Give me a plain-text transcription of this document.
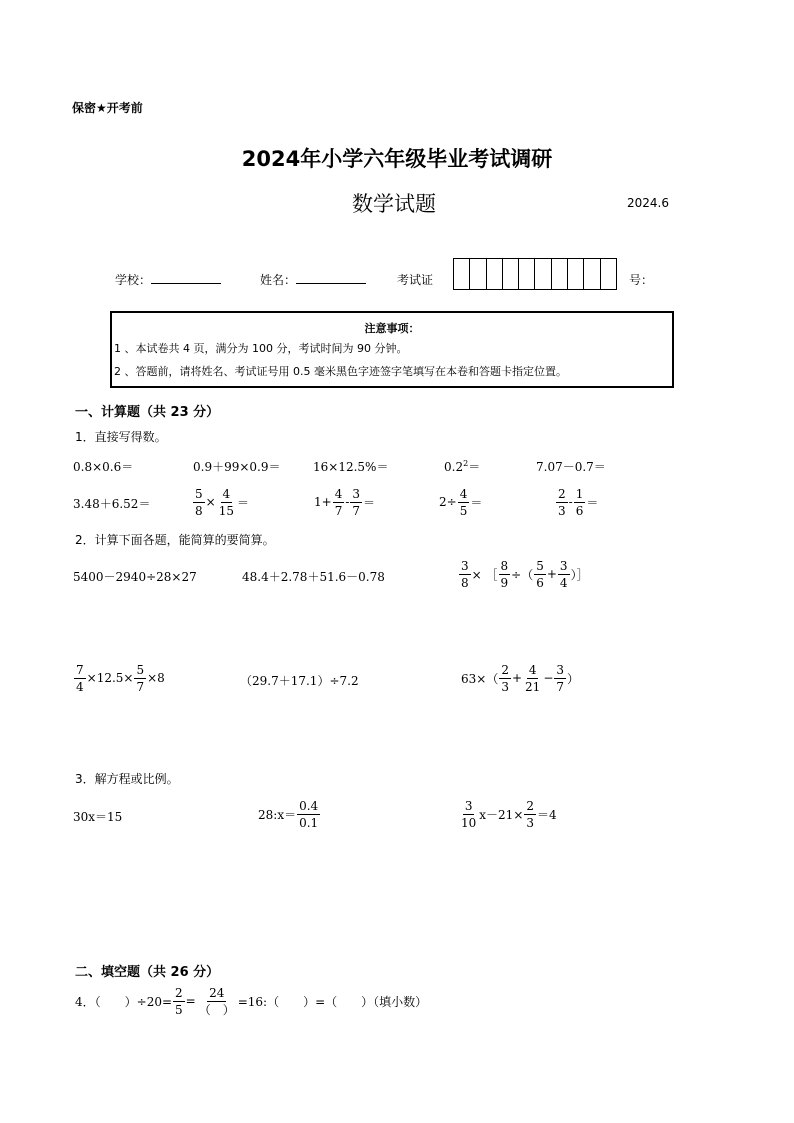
保密★开考前
2024年小学六年级毕业考试调研
数学试题	2024.6
学校：	姓名：	考试证	号：
注意事项：
1 、本试卷共 4 页，满分为 100 分，考试时间为 90 分钟。
2 、答题前，请将姓名、考试证号用 0.5 毫米黑色字迹签字笔填写在本卷和答题卡指定位置。
一、计算题（共 23 分）
1．直接写得数。
0.8×0.6＝	0.9＋99×0.9＝	16×12.5%＝	$0.2^2=$	7.07－0.7＝
3.48＋6.52＝	$\frac{5}{8} \times \frac{4}{15}$ ＝	$1+ \frac{4}{7} - \frac{3}{7}$ ＝	$2\div \frac{4}{5}$ ＝	$\frac{2}{3} - \frac{1}{6}$ ＝
2．计算下面各题，能简算的要简算。
5400－2940÷28×27	48.4＋2.78＋51.6－0.78	$\frac{3}{8}$ × ［ $\frac{8}{9}$ ÷（ $\frac{5}{6} + \frac{3}{4}$ ）］
$\frac{7}{4} \times 12.5\times \frac{5}{7} \times 8$	（29.7＋17.1）÷7.2	$63\times( \frac{2}{3} + \frac{4}{21} - \frac{3}{7}$ ）
3．解方程或比例。
30x＝15	28:x＝ $\frac{0.4}{0.1}$	$\frac{3}{10} x-21\times \frac{2}{3} =4$
二、填空题（共 26 分）
4．（　　）$\div 20= \frac{2}{5} = \frac{24}{( )}$ =16:（　　）=（　　）（填小数）
